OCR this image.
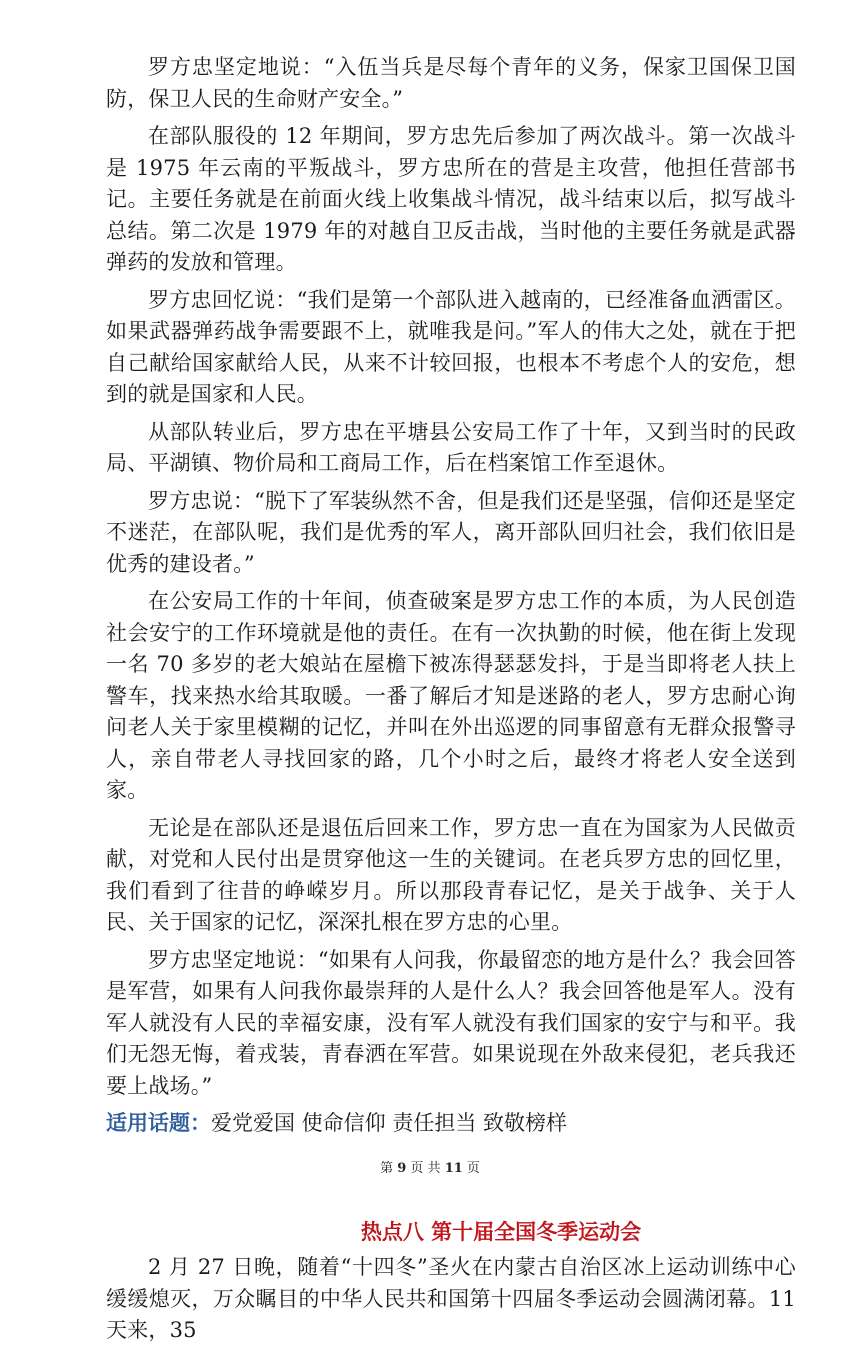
罗方忠坚定地说：“入伍当兵是尽每个青年的义务，保家卫国保卫国防，保卫人民的生命财产安全。”

在部队服役的 12 年期间，罗方忠先后参加了两次战斗。第一次战斗是 1975 年云南的平叛战斗，罗方忠所在的营是主攻营，他担任营部书记。主要任务就是在前面火线上收集战斗情况，战斗结束以后，拟写战斗总结。第二次是 1979 年的对越自卫反击战，当时他的主要任务就是武器弹药的发放和管理。

罗方忠回忆说：“我们是第一个部队进入越南的，已经准备血洒雷区。如果武器弹药战争需要跟不上，就唯我是问。”军人的伟大之处，就在于把自己献给国家献给人民，从来不计较回报，也根本不考虑个人的安危，想到的就是国家和人民。

从部队转业后，罗方忠在平塘县公安局工作了十年，又到当时的民政局、平湖镇、物价局和工商局工作，后在档案馆工作至退休。

罗方忠说：“脱下了军装纵然不舍，但是我们还是坚强，信仰还是坚定不迷茫，在部队呢，我们是优秀的军人，离开部队回归社会，我们依旧是优秀的建设者。”

在公安局工作的十年间，侦查破案是罗方忠工作的本质，为人民创造社会安宁的工作环境就是他的责任。在有一次执勤的时候，他在街上发现一名 70 多岁的老大娘站在屋檐下被冻得瑟瑟发抖，于是当即将老人扶上警车，找来热水给其取暖。一番了解后才知是迷路的老人，罗方忠耐心询问老人关于家里模糊的记忆，并叫在外出巡逻的同事留意有无群众报警寻人，亲自带老人寻找回家的路，几个小时之后，最终才将老人安全送到家。

无论是在部队还是退伍后回来工作，罗方忠一直在为国家为人民做贡献，对党和人民付出是贯穿他这一生的关键词。在老兵罗方忠的回忆里，我们看到了往昔的峥嵘岁月。所以那段青春记忆，是关于战争、关于人民、关于国家的记忆，深深扎根在罗方忠的心里。

罗方忠坚定地说：“如果有人问我，你最留恋的地方是什么？我会回答是军营，如果有人问我你最崇拜的人是什么人？我会回答他是军人。没有军人就没有人民的幸福安康，没有军人就没有我们国家的安宁与和平。我们无怨无悔，着戎装，青春洒在军营。如果说现在外敌来侵犯，老兵我还要上战场。”

适用话题：爱党爱国 使命信仰 责任担当 致敬榜样

热点八 第十届全国冬季运动会

2 月 27 日晚，随着“十四冬”圣火在内蒙古自治区冰上运动训练中心缓缓熄灭，万众瞩目的中华人民共和国第十四届冬季运动会圆满闭幕。11 天来，35

第 9 页 共 11 页
